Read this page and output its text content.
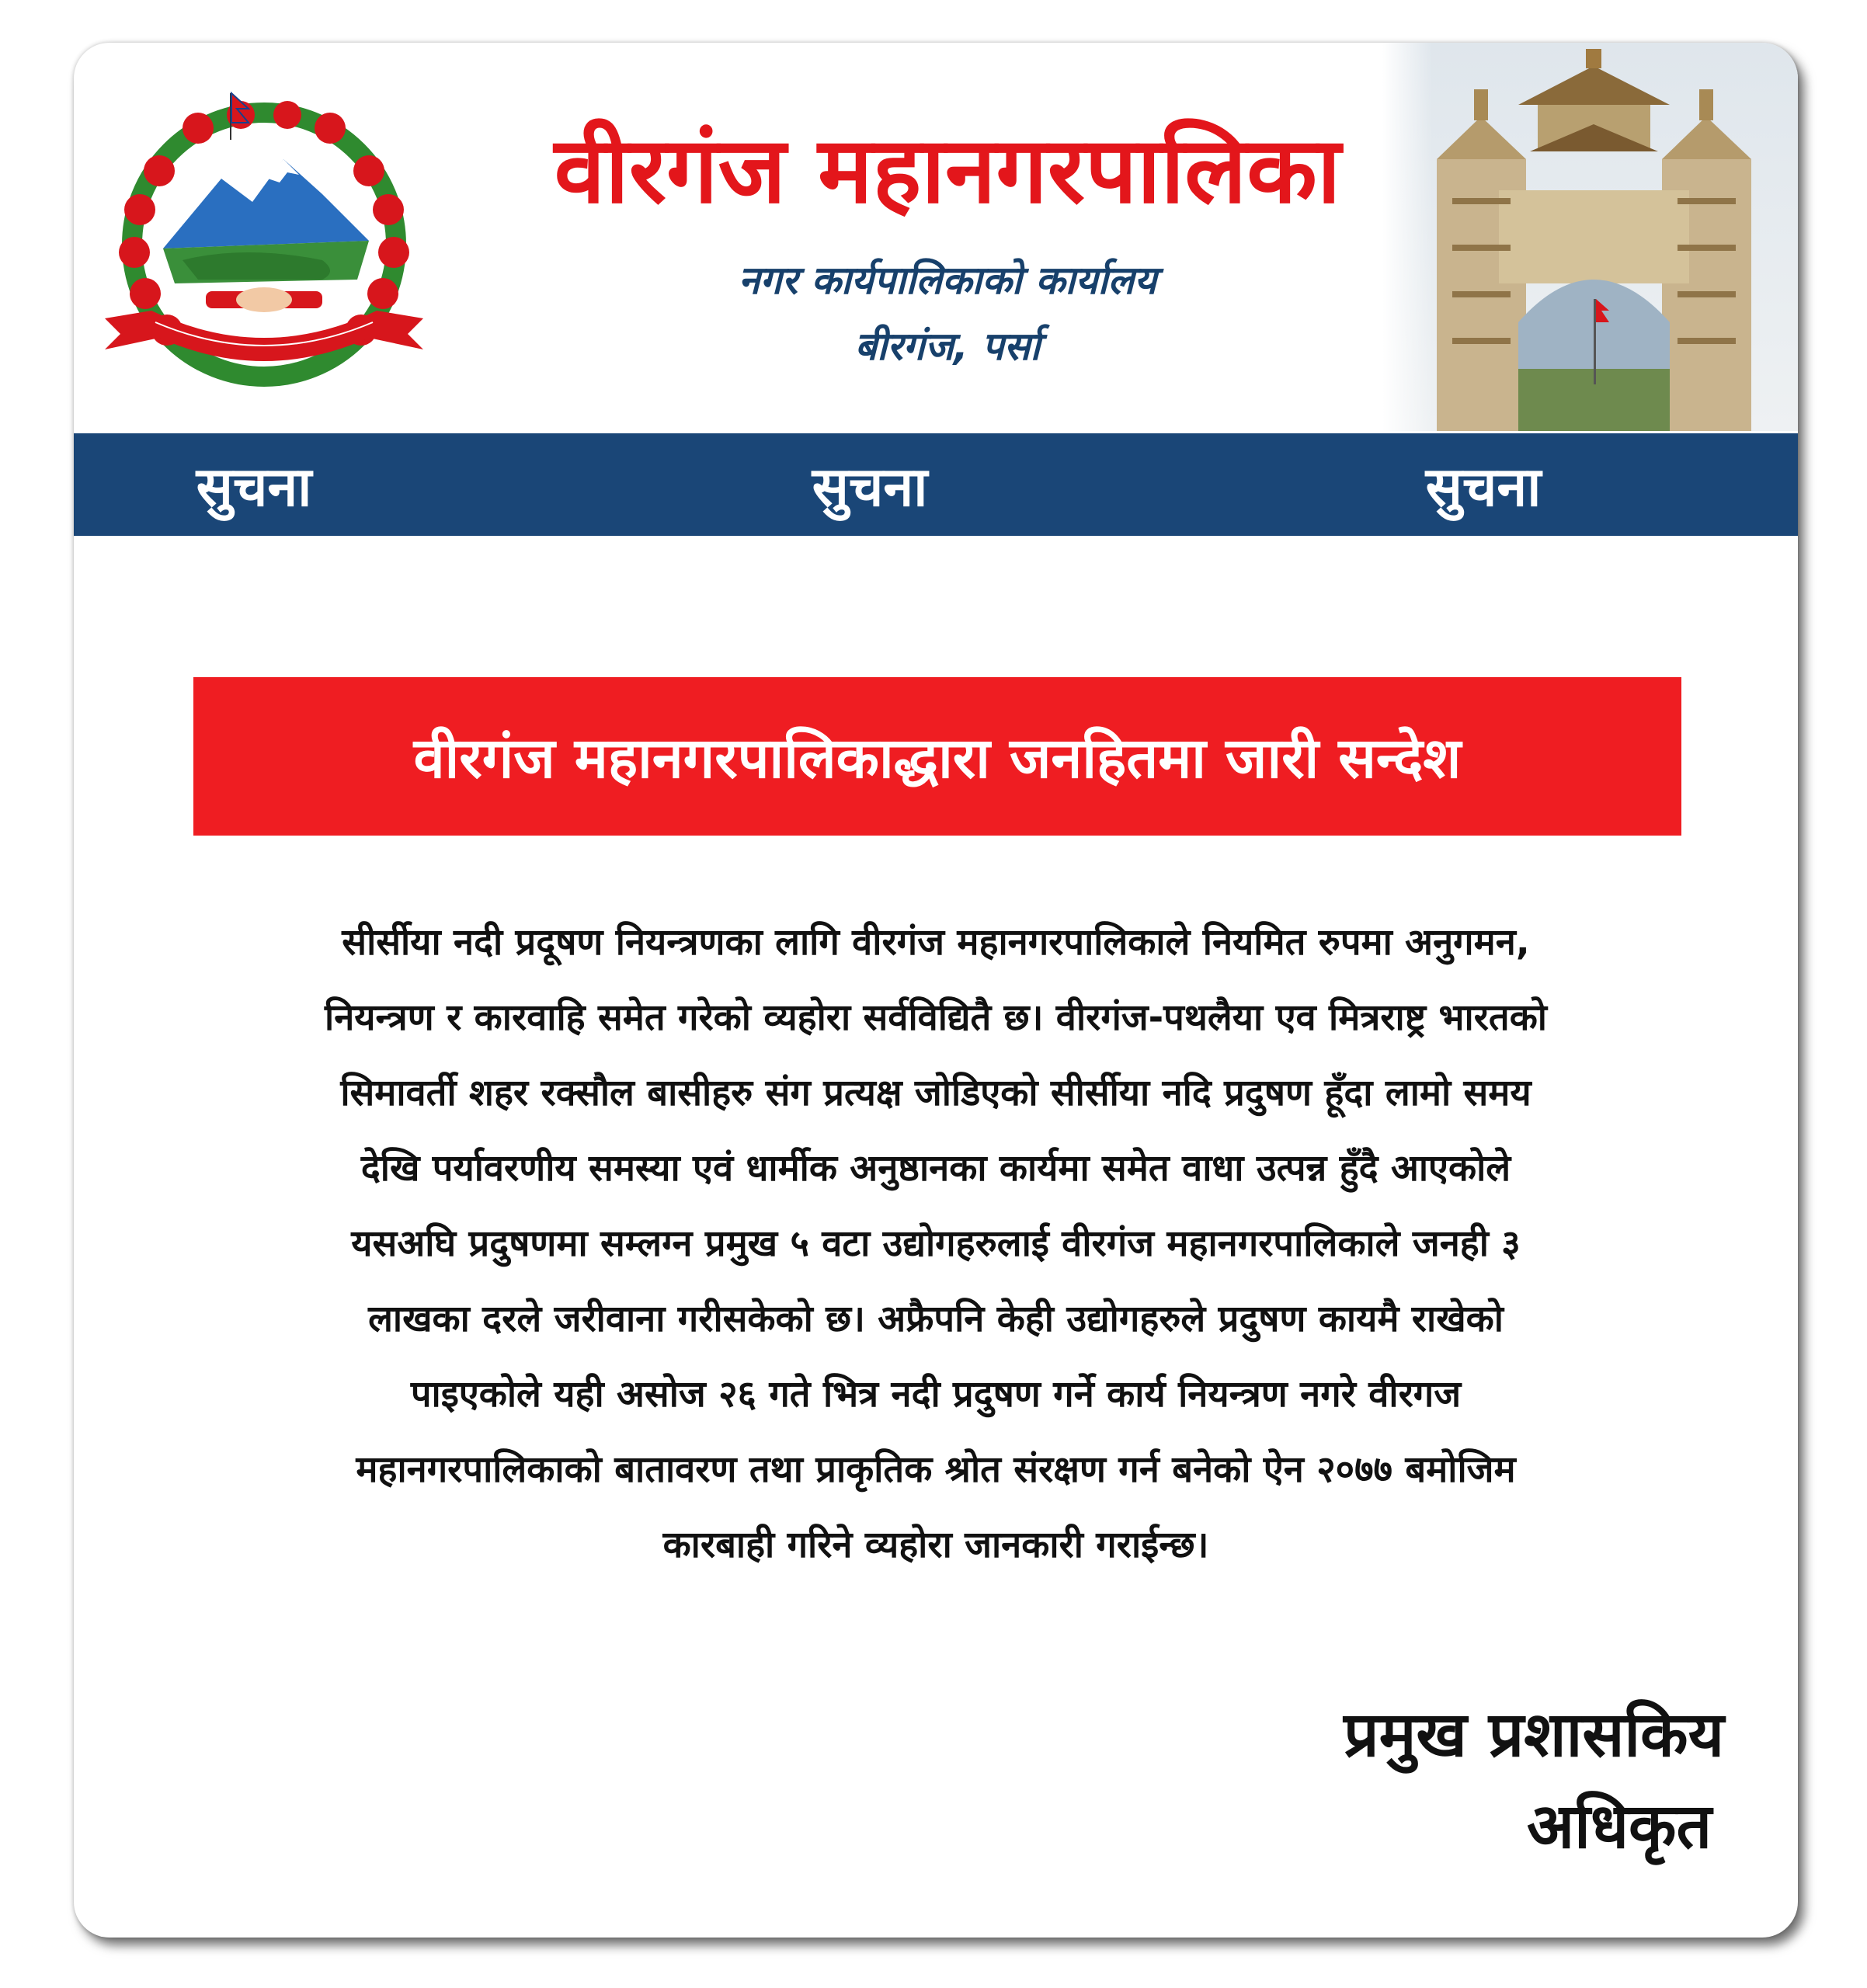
वीरगंज महानगरपालिका
नगर कार्यपालिकाको कार्यालय
बीरगंज, पर्सा
सुचना	सुचना	सुचना
वीरगंज महानगरपालिकाद्धारा जनहितमा जारी सन्देश
सीर्सीया नदी प्रदूषण नियन्त्रणका लागि वीरगंज महानगरपालिकाले नियमित रुपमा अनुगमन,
नियन्त्रण र कारवाहि समेत गरेको व्यहोरा सर्वविद्यितै छ। वीरगंज-पथलैया एव मित्रराष्ट्र भारतको
सिमावर्ती शहर रक्सौल बासीहरु संग प्रत्यक्ष जोडिएको सीर्सीया नदि प्रदुषण हूँदा लामो समय
देखि पर्यावरणीय समस्या एवं धार्मीक अनुष्ठानका कार्यमा समेत वाधा उत्पन्न हुँदै आएकोले
यसअघि प्रदुषणमा सम्लग्न प्रमुख ५ वटा उद्योगहरुलाई वीरगंज महानगरपालिकाले जनही ३
लाखका दरले जरीवाना गरीसकेको छ। अफ्रैपनि केही उद्योगहरुले प्रदुषण कायमै राखेको
पाइएकोले यही असोज २६ गते भित्र नदी प्रदुषण गर्ने कार्य नियन्त्रण नगरे वीरगज
महानगरपालिकाको बातावरण तथा प्राकृतिक श्रोत संरक्षण गर्न बनेको ऐन २०७७ बमोजिम
कारबाही गरिने व्यहोरा जानकारी गराईन्छ।
प्रमुख प्रशासकिय
अधिकृत
